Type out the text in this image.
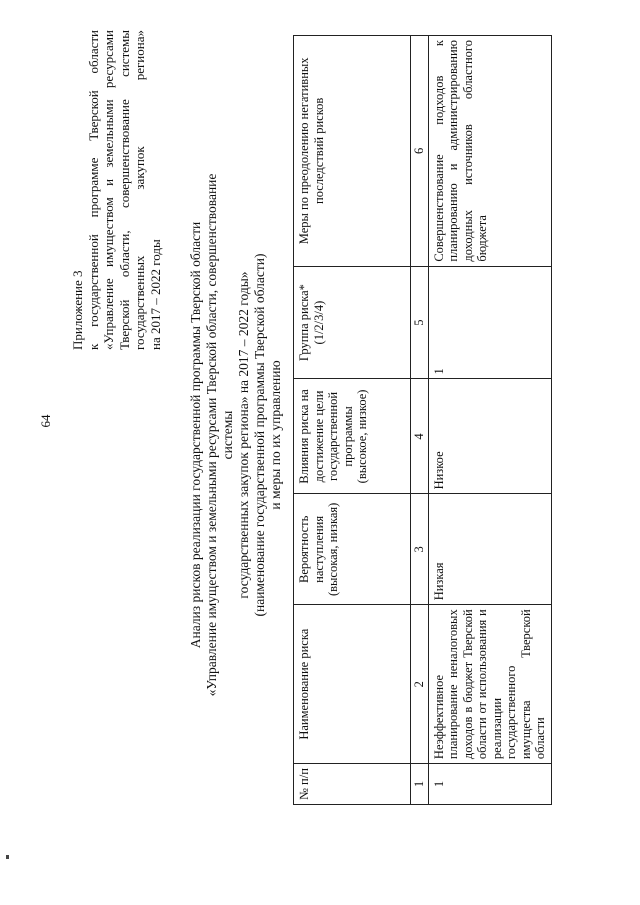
64
Приложение 3 к государственной программе Тверской области «Управление имуществом и земельными ресурсами Тверской области, совершенствование системы государственных закупок региона» на 2017 – 2022 годы Анализ рисков реализации государственной программы Тверской области «Управление имуществом и земельными ресурсами Тверской области, совершенствование системы государственных закупок региона» на 2017 – 2022 годы» (наименование государственной программы Тверской области) и меры по их управлению
№ п/п	Наименование риска	Вероятность наступления (высокая, низкая)	Влияния риска на достижение цели государственной программы (высокое, низкое)	Группа риска* (1/2/3/4)	Меры по преодолению негативных последствий рисков
1	2	3	4	5	6
1	Неэффективное планирование неналоговых доходов в бюджет Тверской области от использования и реализации государственного имущества Тверской области	Низкая	Низкое	1	Совершенствование подходов к планированию и администрированию доходных источников областного бюджета
